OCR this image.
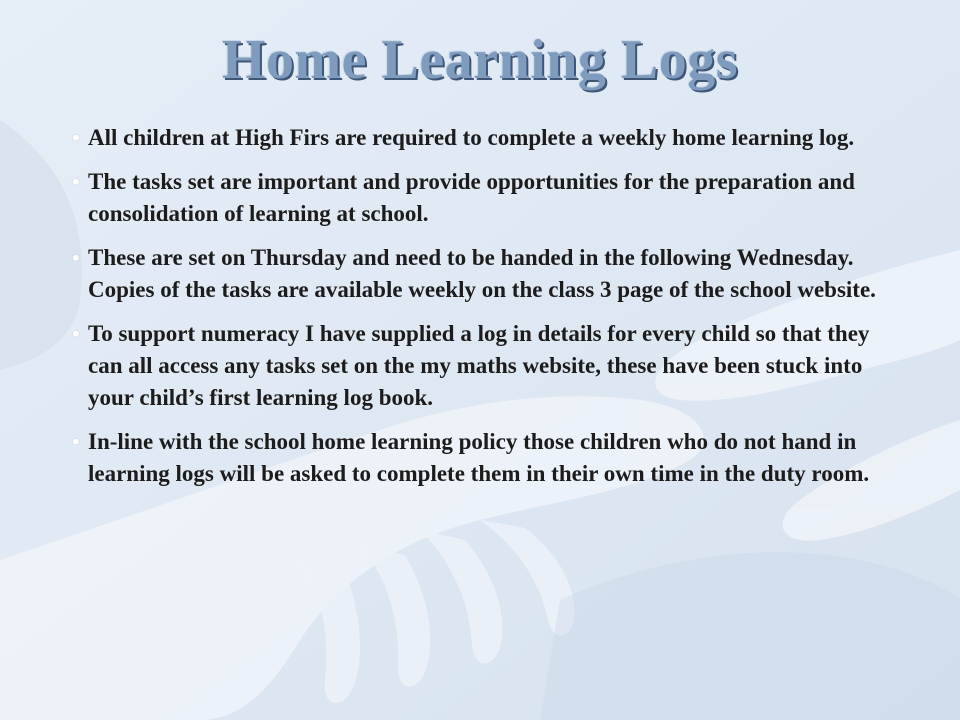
Home Learning Logs
• All children at High Firs are required to complete a weekly home learning log.
• The tasks set are important and provide opportunities for the preparation and consolidation of learning at school.
• These are set on Thursday and need to be handed in the following Wednesday. Copies of the tasks are available weekly on the class 3 page of the school website.
• To support numeracy I have supplied a log in details for every child so that they can all access any tasks set on the my maths website, these have been stuck into your child’s first learning log book.
• In-line with the school home learning policy those children who do not hand in learning logs will be asked to complete them in their own time in the duty room.
